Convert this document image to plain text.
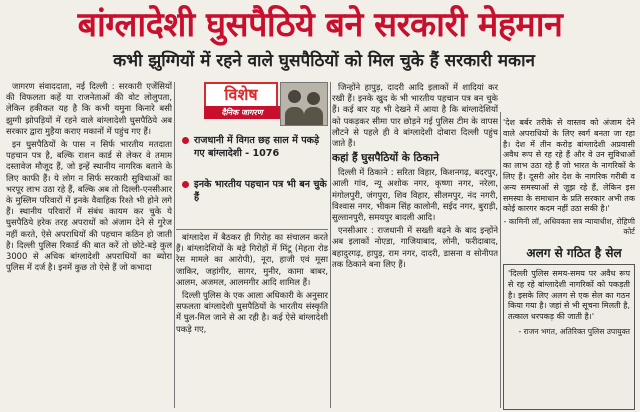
बांग्लादेशी घुसपैठिये बने सरकारी मेहमान
कभी झुग्गियों में रहने वाले घुसपैठियों को मिल चुके हैं सरकारी मकान

जागरण संवाददाता, नई दिल्ली : सरकारी एजेंसियों की विफलता कहें या राजनेताओं की वोट लोलुपता, लेकिन हकीकत यह है कि कभी यमुना किनारे बसी झुग्गी झोपड़ियों में रहने वाले बांग्लादेशी घुसपैठिये अब सरकार द्वारा मुहैया कराए मकानों में पहुंच गए हैं।

इन घुसपैठियों के पास न सिर्फ भारतीय मतदाता पहचान पत्र है, बल्कि राशन कार्ड से लेकर वे तमाम दस्तावेज मौजूद हैं, जो इन्हें स्थानीय नागरिक बताने के लिए काफी हैं। ये लोग न सिर्फ सरकारी सुविधाओं का भरपूर लाभ उठा रहे हैं, बल्कि अब तो दिल्ली-एनसीआर के मुस्लिम परिवारों में इनके वैवाहिक रिश्ते भी होने लगे हैं। स्थानीय परिवारों में संबंध कायम कर चुके ये घुसपैठिये हरेक तरह अपराधों को अंजाम देने से गुरेज नहीं करते, ऐसे अपराधियों की पहचान कठिन हो जाती है। दिल्ली पुलिस रिकार्ड की बात करें तो छोटे-बड़े कुल 3000 से अधिक बांग्लादेशी अपराधियों का ब्योरा पुलिस में दर्ज है। इनमें कुछ तो ऐसे हैं जो कभादा

विशेष
दैनिक जागरण
राजधानी में विगत छह साल में पकड़े गए बांग्लादेशी - 1076
इनके भारतीय पहचान पत्र भी बन चुके हैं

बांग्लादेश में बैठकर ही गिरोह का संचालन करते हैं। बांग्लादेशियों के बड़े गिरोहों में मिंटू (मेहता रोड रेस मामले का आरोपी), नूरा, हाजी एवं मूसा जाकिर, जहांगीर, सागर, मुनीर, कामा बाबर, आलम, अजमल, आलमगीर आदि शामिल हैं।

दिल्ली पुलिस के एक आला अधिकारी के अनुसार सफलता बांग्लादेशी घुसपैठियों के भारतीय संस्कृति में घुल-मिल जाने से आ रही है। कई ऐसे बांग्लादेशी पकड़े गए,

जिन्होंने हापुड़, दादरी आदि इलाकों में शादियां कर रखी हैं। इनके खुद के भी भारतीय पहचान पत्र बन चुके हैं। कई बार यह भी देखने में आया है कि बांग्लादेशियों को पकड़कर सीमा पार छोड़ने गई पुलिस टीम के वापस लौटने से पहले ही वे बांग्लादेशी दोबारा दिल्ली पहुंच जाते हैं।

कहां हैं घुसपैठियों के ठिकाने

दिल्ली में ठिकाने : सरिता विहार, किशनगढ़, बदरपुर, आली गांव, न्यू अशोक नगर, कृष्णा नगर, नरेला, मंगोलपुरी, जंगपुरा, शिव विहार, सीलमपुर, नंद नगरी, विश्वास नगर, भीकम सिंह कालोनी, सईद नगर, बुराड़ी, सुल्तानपुरी, समयपुर बादली आदि।

एनसीआर : राजधानी में सख्ती बढ़ने के बाद इन्होंने अब इलाकों नोएडा, गाजियाबाद, लोनी, फरीदाबाद, बहादुरगढ़, हापुड़, राम नगर, दादरी, डासना व सोनीपत तक ठिकाने बना लिए हैं।

'देश बर्बर तरीके से वास्तव को अंजाम देने वाले अपराधियों के लिए स्वर्ग बनता जा रहा है। देश में तीन करोड़ बांग्लादेशी अप्रवासी अवैध रूप से रह रहे हैं और वे उन सुविधाओं का लाभ उठा रहे हैं जो भारत के नागरिकों के लिए हैं। दूसरी ओर देश के नागरिक गरीबी व अन्य समस्याओं से जूझ रहे हैं, लेकिन इस समस्या के समाधान के प्रति सरकार अभी तक कोई कारगर कदम नहीं उठा सकी है।'

- कामिनी लॉ, अधिवक्ता सत्र न्यायाधीश, रोहिणी कोर्ट
अलग से गठित है सेल

'दिल्ली पुलिस समय-समय पर अवैध रूप से रह रहे बांग्लादेशी नागरिकों को पकड़ती है। इसके लिए अलग से एक सेल का गठन किया गया है। जहां से भी सूचना मिलती है, तत्काल धरपकड़ की जाती है।'

- राजन भगत, अतिरिक्त पुलिस उपायुक्त
